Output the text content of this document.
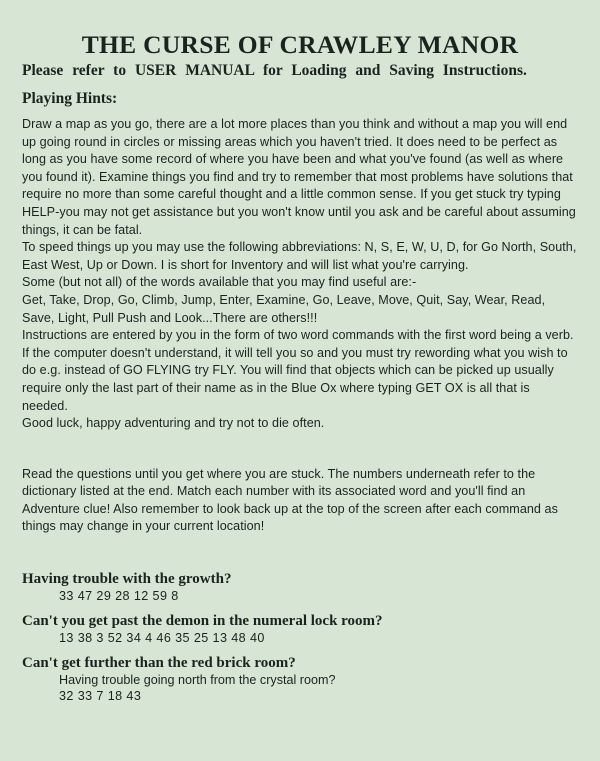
THE CURSE OF CRAWLEY MANOR

Please refer to USER MANUAL for Loading and Saving Instructions.

Playing Hints:

Draw a map as you go, there are a lot more places than you think and without a map you will end up going round in circles or missing areas which you haven't tried. It does need to be perfect as long as you have some record of where you have been and what you've found (as well as where you found it). Examine things you find and try to remember that most problems have solutions that require no more than some careful thought and a little common sense. If you get stuck try typing HELP-you may not get assistance but you won't know until you ask and be careful about assuming things, it can be fatal.

To speed things up you may use the following abbreviations: N, S, E, W, U, D, for Go North, South, East West, Up or Down. I is short for Inventory and will list what you're carrying.

Some (but not all) of the words available that you may find useful are:-

Get, Take, Drop, Go, Climb, Jump, Enter, Examine, Go, Leave, Move, Quit, Say, Wear, Read, Save, Light, Pull Push and Look...There are others!!!

Instructions are entered by you in the form of two word commands with the first word being a verb. If the computer doesn't understand, it will tell you so and you must try rewording what you wish to do e.g. instead of GO FLYING try FLY. You will find that objects which can be picked up usually require only the last part of their name as in the Blue Ox where typing GET OX is all that is needed.

Good luck, happy adventuring and try not to die often.

Read the questions until you get where you are stuck. The numbers underneath refer to the dictionary listed at the end. Match each number with its associated word and you'll find an Adventure clue! Also remember to look back up at the top of the screen after each command as things may change in your current location!

Having trouble with the growth?

33 47 29 28 12 59 8

Can't you get past the demon in the numeral lock room?

13 38 3 52 34 4 46 35 25 13 48 40

Can't get further than the red brick room?

Having trouble going north from the crystal room?

32 33 7 18 43
